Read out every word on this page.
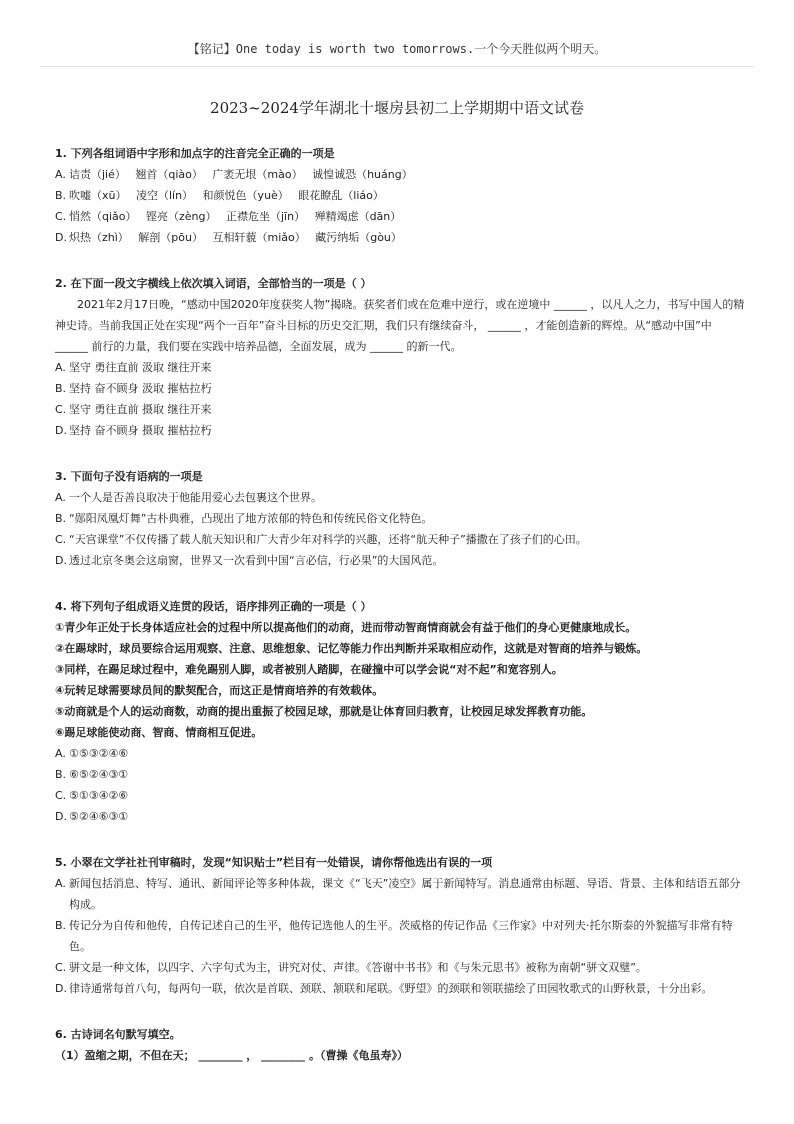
【铭记】One today is worth two tomorrows.一个今天胜似两个明天。
2023~2024学年湖北十堰房县初二上学期期中语文试卷
1. 下列各组词语中字形和加点字的注音完全正确的一项是
A. 诘责（jié） 翘首（qiào） 广袤无垠（mào） 诚惶诚恐（huáng）
B. 吹嘘（xū） 凌空（lín） 和颜悦色（yuè） 眼花瞭乱（liáo）
C. 悄然（qiǎo） 铿亮（zèng） 正襟危坐（jīn） 殚精竭虑（dān）
D. 炽热（zhì） 解剖（pōu） 互相轩藐（miǎo） 藏污纳垢（gòu）
2. 在下面一段文字横线上依次填入词语，全部恰当的一项是（ ）
2021年2月17日晚，“感动中国2020年度获奖人物”揭晓。获奖者们或在危难中逆行，或在逆境中 ______ ，以凡人之力，书写中国人的精神史诗。当前我国正处在实现“两个一百年”奋斗目标的历史交汇期，我们只有继续奋斗， ______ ，才能创造新的辉煌。从“感动中国”中 ______ 前行的力量，我们要在实践中培养品德，全面发展，成为 ______ 的新一代。
A. 坚守 勇往直前 汲取 继往开来
B. 坚持 奋不顾身 汲取 摧枯拉朽
C. 坚守 勇往直前 摄取 继往开来
D. 坚持 奋不顾身 摄取 摧枯拉朽
3. 下面句子没有语病的一项是
A. 一个人是否善良取决于他能用爱心去包裹这个世界。
B. “郧阳凤凰灯舞”古朴典雅，凸现出了地方浓郁的特色和传统民俗文化特色。
C. “天宫课堂”不仅传播了载人航天知识和广大青少年对科学的兴趣，还将“航天种子”播撒在了孩子们的心田。
D. 透过北京冬奥会这扇窗，世界又一次看到中国“言必信，行必果”的大国风范。
4. 将下列句子组成语义连贯的段话，语序排列正确的一项是（ ）
①青少年正处于长身体适应社会的过程中所以提高他们的动商，进而带动智商情商就会有益于他们的身心更健康地成长。
②在踢球时，球员要综合运用观察、注意、思维想象、记忆等能力作出判断并采取相应动作，这就是对智商的培养与锻炼。
③同样，在踢足球过程中，难免踢别人脚，或者被别人踏脚，在碰撞中可以学会说“对不起”和宽容别人。
④玩转足球需要球员间的默契配合，而这正是情商培养的有效载体。
⑤动商就是个人的运动商数，动商的提出重振了校园足球，那就是让体育回归教育，让校园足球发挥教育功能。
⑥踢足球能使动商、智商、情商相互促进。
A. ①⑤③②④⑥
B. ⑥⑤②④③①
C. ⑤①③④②⑥
D. ⑤②④⑥③①
5. 小翠在文学社社刊审稿时，发现“知识贴士”栏目有一处错误，请你帮他选出有误的一项
A. 新闻包括消息、特写、通讯、新闻评论等多种体裁，课文《“飞天”凌空》属于新闻特写。消息通常由标题、导语、背景、主体和结语五部分构成。
B. 传记分为自传和他传，自传记述自己的生平，他传记选他人的生平。茨威格的传记作品《三作家》中对列夫·托尔斯泰的外貌描写非常有特色。
C. 骈文是一种文体，以四字、六字句式为主，讲究对仗、声律。《答谢中书书》和《与朱元思书》被称为南朝“骈文双璧”。
D. 律诗通常每首八句，每两句一联，依次是首联、颈联、颔联和尾联。《野望》的颈联和领联描绘了田园牧歌式的山野秋景，十分出彩。
6. 古诗词名句默写填空。
（1）盈缩之期，不但在天； ________ ， ________ 。（曹操《龟虽寿》）
